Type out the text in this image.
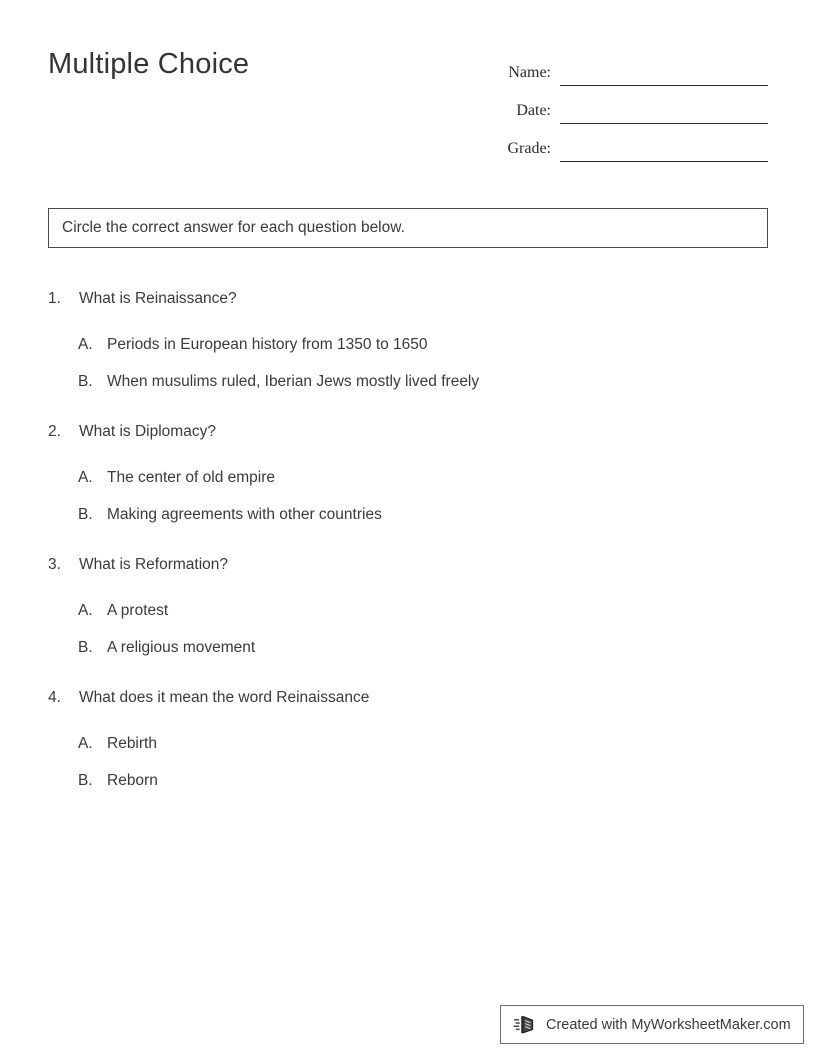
Multiple Choice	Name:
Date:
Grade:
Circle the correct answer for each question below.
1.	What is Reinaissance?
A. Periods in European history from 1350 to 1650
B. When musulims ruled, Iberian Jews mostly lived freely
2.	What is Diplomacy?
A. The center of old empire
B. Making agreements with other countries
3.	What is Reformation?
A. A protest
B. A religious movement
4.	What does it mean the word Reinaissance
A. Rebirth
B. Reborn
Created with MyWorksheetMaker.com
